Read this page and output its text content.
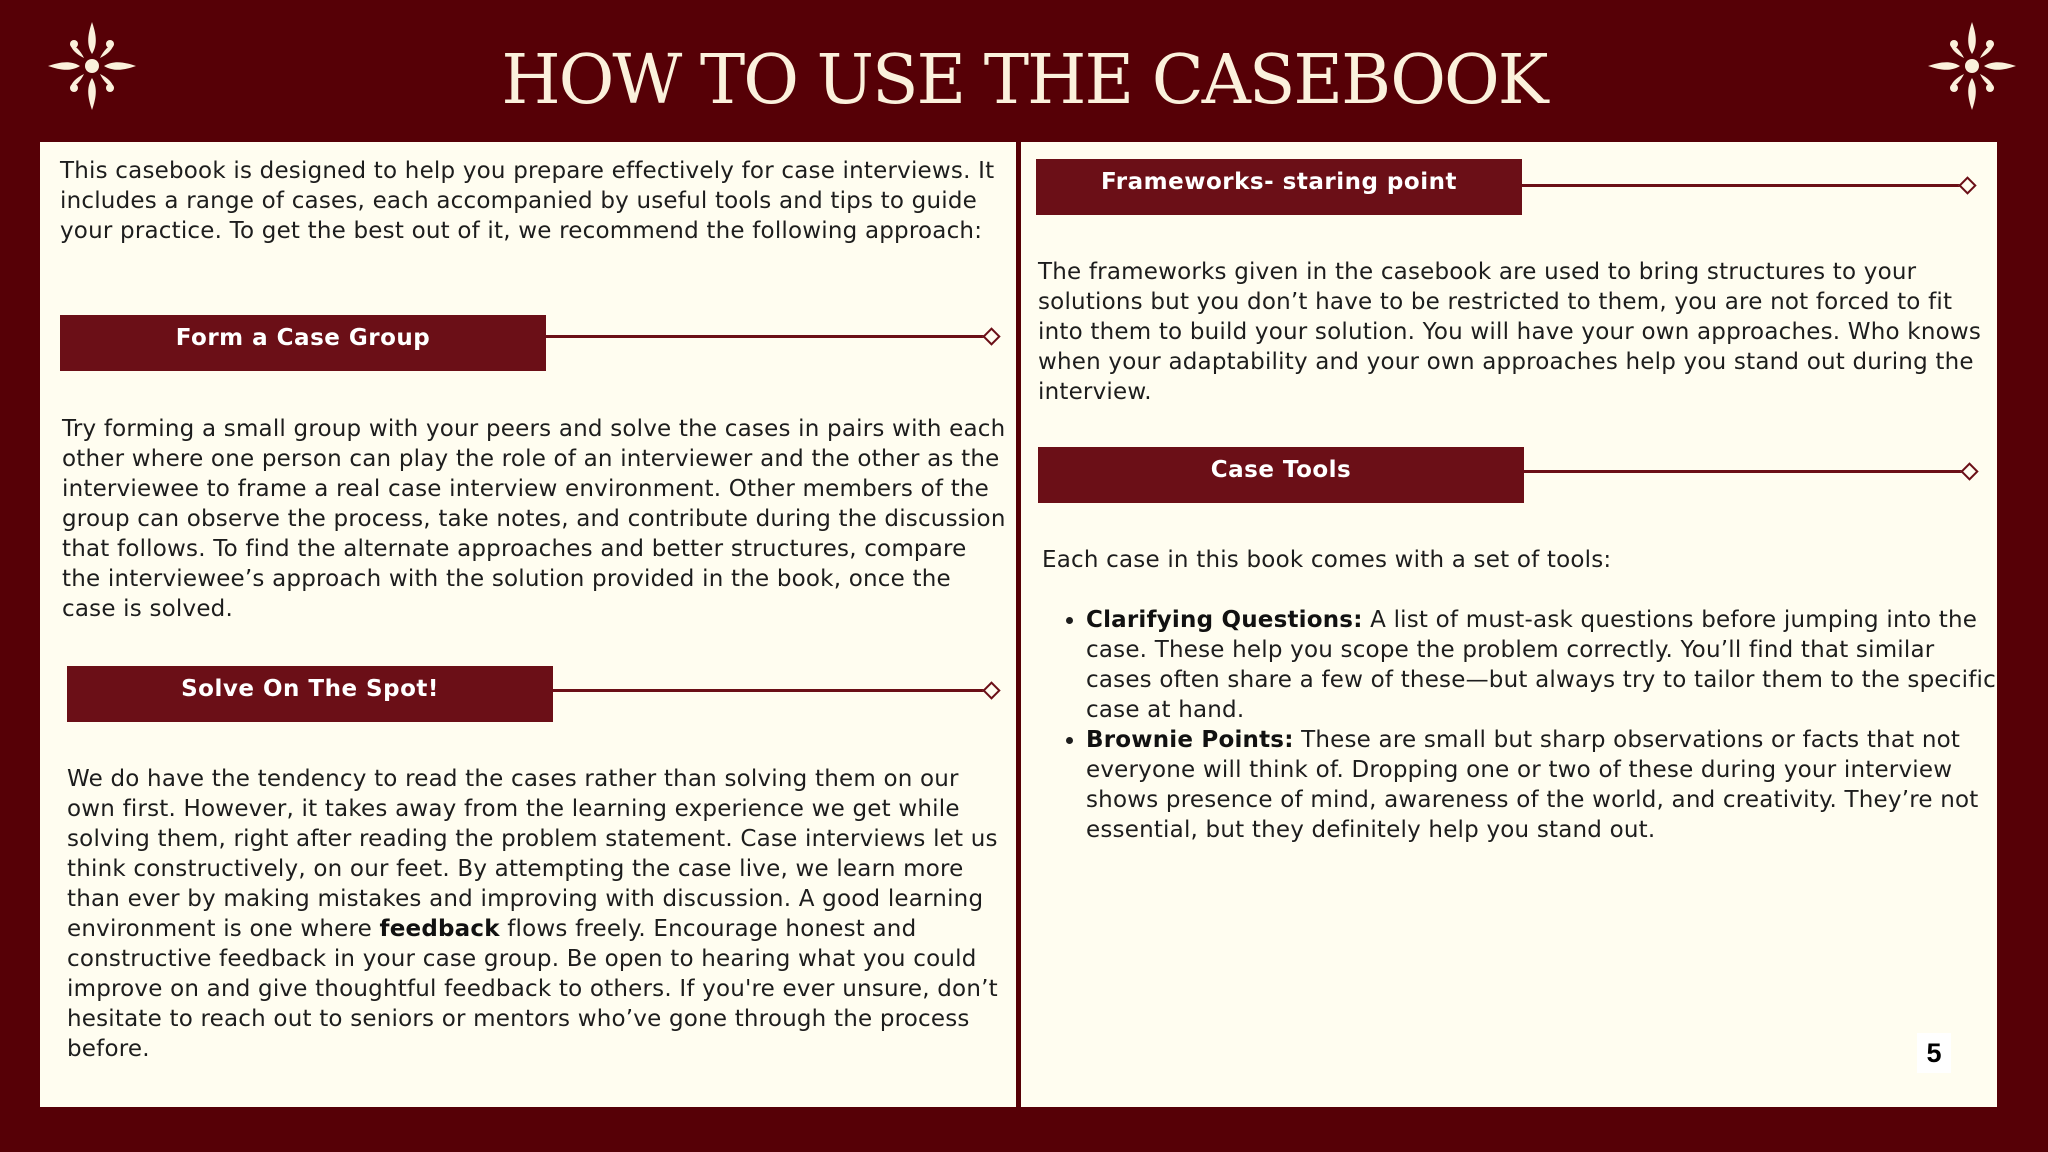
HOW TO USE THE CASEBOOK

This casebook is designed to help you prepare effectively for case interviews. It includes a range of cases, each accompanied by useful tools and tips to guide your practice. To get the best out of it, we recommend the following approach:

Form a Case Group

Try forming a small group with your peers and solve the cases in pairs with each other where one person can play the role of an interviewer and the other as the interviewee to frame a real case interview environment. Other members of the group can observe the process, take notes, and contribute during the discussion that follows. To find the alternate approaches and better structures, compare the interviewee’s approach with the solution provided in the book, once the case is solved.

Solve On The Spot!

We do have the tendency to read the cases rather than solving them on our own first. However, it takes away from the learning experience we get while solving them, right after reading the problem statement. Case interviews let us think constructively, on our feet. By attempting the case live, we learn more than ever by making mistakes and improving with discussion. A good learning environment is one where feedback flows freely. Encourage honest and constructive feedback in your case group. Be open to hearing what you could improve on and give thoughtful feedback to others. If you're ever unsure, don’t hesitate to reach out to seniors or mentors who’ve gone through the process before.

Frameworks- staring point

The frameworks given in the casebook are used to bring structures to your solutions but you don’t have to be restricted to them, you are not forced to fit into them to build your solution. You will have your own approaches. Who knows when your adaptability and your own approaches help you stand out during the interview.

Case Tools

Each case in this book comes with a set of tools:

• Clarifying Questions: A list of must-ask questions before jumping into the case. These help you scope the problem correctly. You’ll find that similar cases often share a few of these—but always try to tailor them to the specific case at hand.
• Brownie Points: These are small but sharp observations or facts that not everyone will think of. Dropping one or two of these during your interview shows presence of mind, awareness of the world, and creativity. They’re not essential, but they definitely help you stand out.
5
